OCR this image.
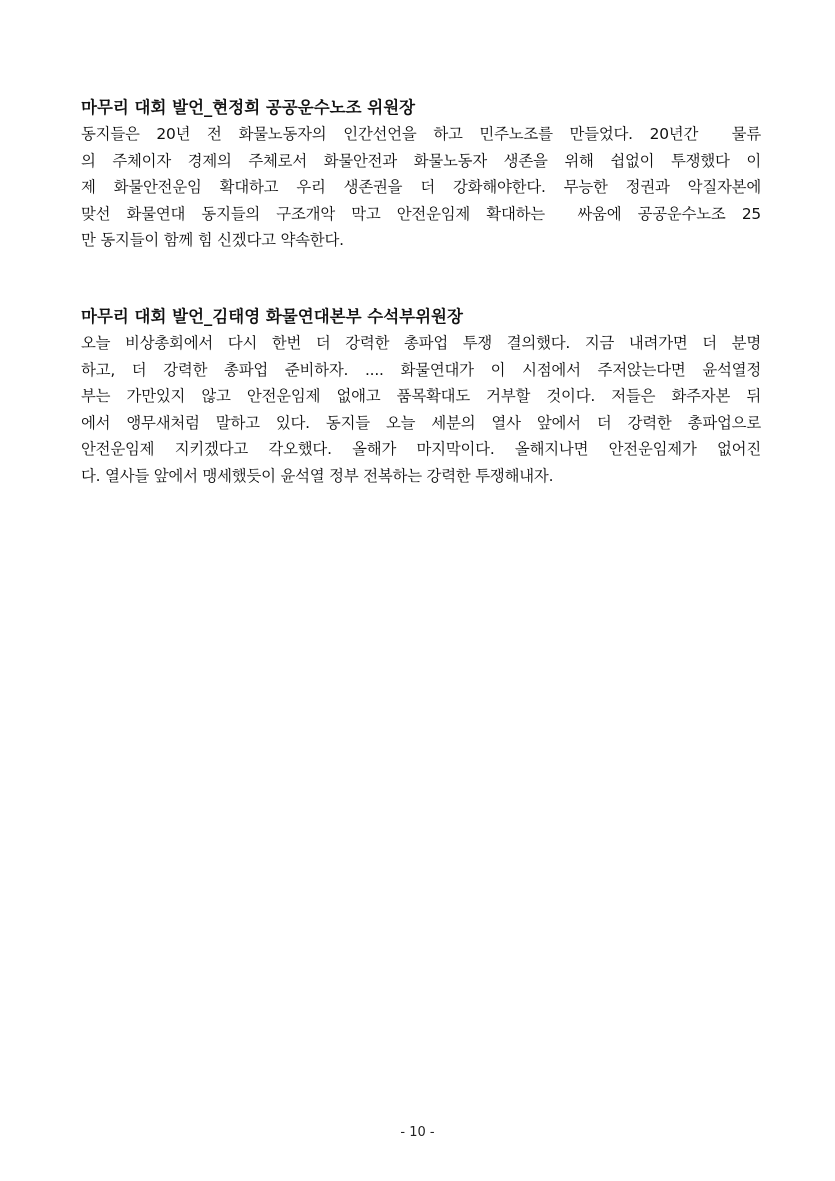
마무리 대회 발언_현정희 공공운수노조 위원장
동지들은 20년 전 화물노동자의 인간선언을 하고 민주노조를 만들었다. 20년간  물류
의 주체이자 경제의 주체로서 화물안전과 화물노동자 생존을 위해 쉽없이 투쟁했다 이
제 화물안전운임 확대하고 우리 생존권을 더 강화해야한다. 무능한 정권과 악질자본에
맞선 화물연대 동지들의 구조개악 막고 안전운임제 확대하는  싸움에 공공운수노조 25
만 동지들이 함께 힘 신겠다고 약속한다.
마무리 대회 발언_김태영 화물연대본부 수석부위원장
오늘 비상총회에서 다시 한번 더 강력한 총파업 투쟁 결의했다. 지금 내려가면 더 분명
하고, 더 강력한 총파업 준비하자. .... 화물연대가 이 시점에서 주저앉는다면 윤석열정
부는 가만있지 않고 안전운임제 없애고 품목확대도 거부할 것이다. 저들은 화주자본 뒤
에서 앵무새처럼 말하고 있다. 동지들 오늘 세분의 열사 앞에서 더 강력한 총파업으로
안전운임제 지키겠다고 각오했다. 올해가 마지막이다. 올해지나면 안전운임제가 없어진
다. 열사들 앞에서 맹세했듯이 윤석열 정부 전복하는 강력한 투쟁해내자.
- 10 -
